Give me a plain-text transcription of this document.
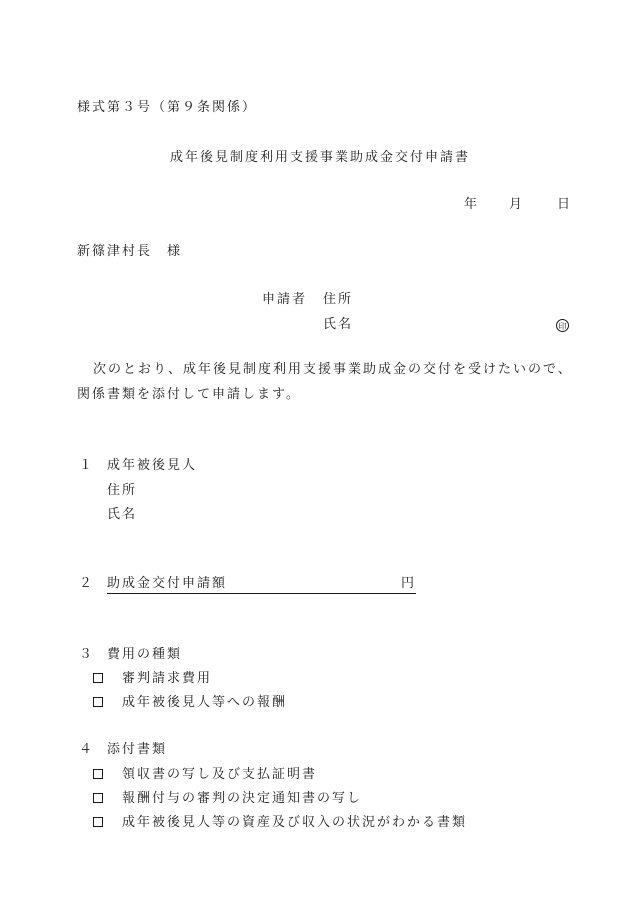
様式第３号（第９条関係）
成年後見制度利用支援事業助成金交付申請書
年 月	日
新篠津村長　様
申請者 住所
氏名	印
次のとおり、成年後見制度利用支援事業助成金の交付を受けたいので、
関係書類を添付して申請します。
１ 成年被後見人
住所
氏名
２ 助成金交付申請額	円
３ 費用の種類
審判請求費用
成年被後見人等への報酬
４ 添付書類
領収書の写し及び支払証明書
報酬付与の審判の決定通知書の写し
成年被後見人等の資産及び収入の状況がわかる書類
